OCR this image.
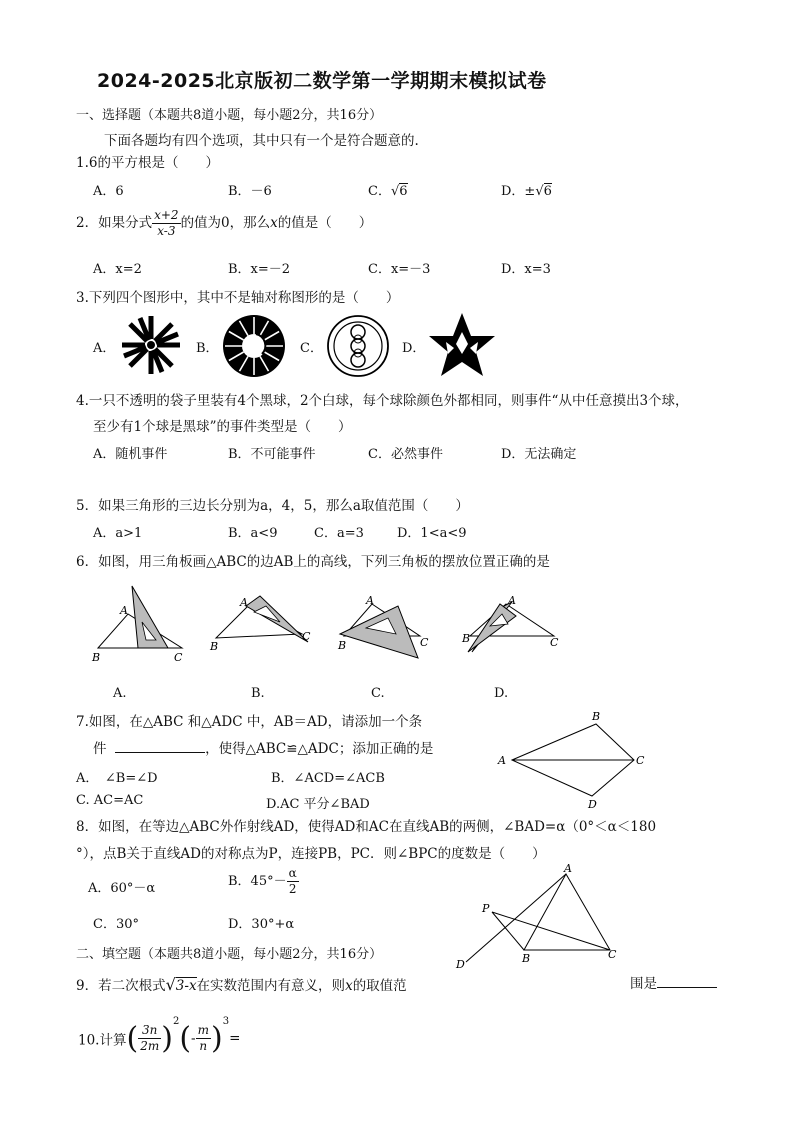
2024-2025北京版初二数学第一学期期末模拟试卷
一、选择题（本题共8道小题，每小题2分，共16分）
下面各题均有四个选项，其中只有一个是符合题意的.
1.6的平方根是（　　）
A．6	B．－6	C．√6	D．±√6
2．如果分式 $\frac{x+2}{x-3}$ 的值为0，那么x的值是（　　）
A．x=2	B．x=－2	C．x=－3	D．x=3
3.下列四个图形中，其中不是轴对称图形的是（　　）
A．	B．	C．	D．
4.一只不透明的袋子里装有4个黑球，2个白球，每个球除颜色外都相同，则事件“从中任意摸出3个球，
至少有1个球是黑球”的事件类型是（　　）
A．随机事件	B．不可能事件	C．必然事件	D．无法确定
5．如果三角形的三边长分别为a，4，5，那么a取值范围（　　）
A．a>1	B．a<9	C．a=3	D．1<a<9
6．如图，用三角板画△ABC的边AB上的高线，下列三角板的摆放位置正确的是
A
B	C
A.
A
B
C
B.
A
B	C
C.
A
B	C
D.
7.如图，在△ABC 和△ADC 中，AB＝AD，请添加一个条
件	，使得△ABC≌△ADC；添加正确的是
A．　∠B=∠D	B．∠ACD=∠ACB
C. AC=AC	D.AC 平分∠BAD
A
B
C
D
8．如图，在等边△ABC外作射线AD，使得AD和AC在直线AB的两侧，∠BAD=α（0°＜α＜180
°），点B关于直线AD的对称点为P，连接PB，PC．则∠BPC的度数是（　　）
A．60°－α	B．$45^\circ- \frac{\alpha}{2}$
C．30°	D．30°+α
A
B	C
D
P
二、填空题（本题共8道小题，每小题2分，共16分）
9．若二次根式√3-x在实数范围内有意义，则x的取值范	围是
10.计算( $\frac{3n}{2m} )^2(- \frac{m}{n} )^3=$
